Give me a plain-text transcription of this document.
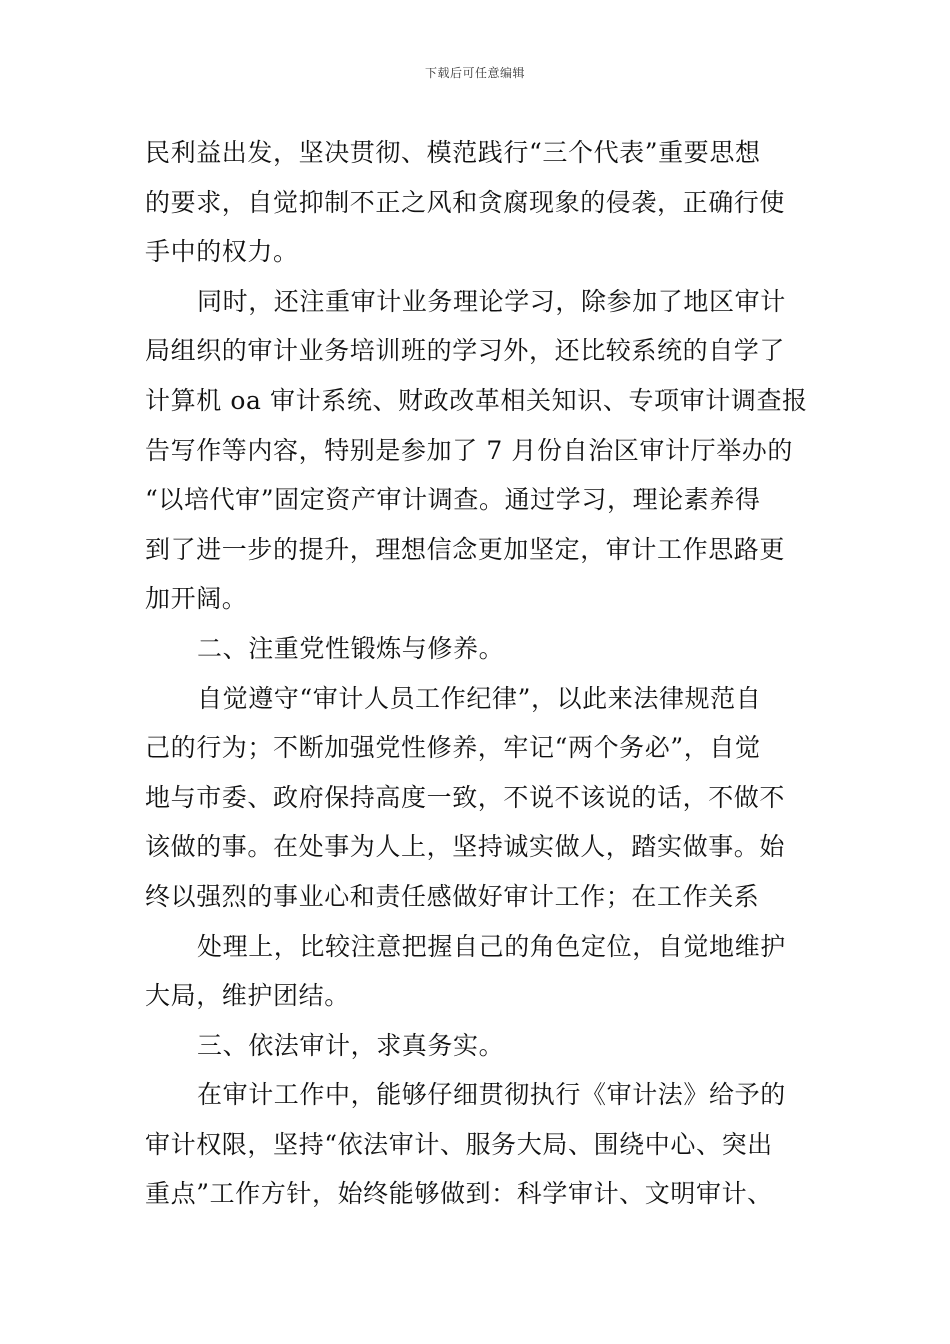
下载后可任意编辑
民利益出发，坚决贯彻、模范践行“三个代表”重要思想
的要求，自觉抑制不正之风和贪腐现象的侵袭，正确行使
手中的权力。
同时，还注重审计业务理论学习，除参加了地区审计
局组织的审计业务培训班的学习外，还比较系统的自学了
计算机 oa 审计系统、财政改革相关知识、专项审计调查报
告写作等内容，特别是参加了 7 月份自治区审计厅举办的
“以培代审”固定资产审计调查。通过学习，理论素养得
到了进一步的提升，理想信念更加坚定，审计工作思路更
加开阔。
二、注重党性锻炼与修养。
自觉遵守“审计人员工作纪律”，以此来法律规范自
己的行为；不断加强党性修养，牢记“两个务必”，自觉
地与市委、政府保持高度一致，不说不该说的话，不做不
该做的事。在处事为人上，坚持诚实做人，踏实做事。始
终以强烈的事业心和责任感做好审计工作；在工作关系
处理上，比较注意把握自己的角色定位，自觉地维护
大局，维护团结。
三、依法审计，求真务实。
在审计工作中，能够仔细贯彻执行《审计法》给予的
审计权限，坚持“依法审计、服务大局、围绕中心、突出
重点”工作方针，始终能够做到：科学审计、文明审计、
